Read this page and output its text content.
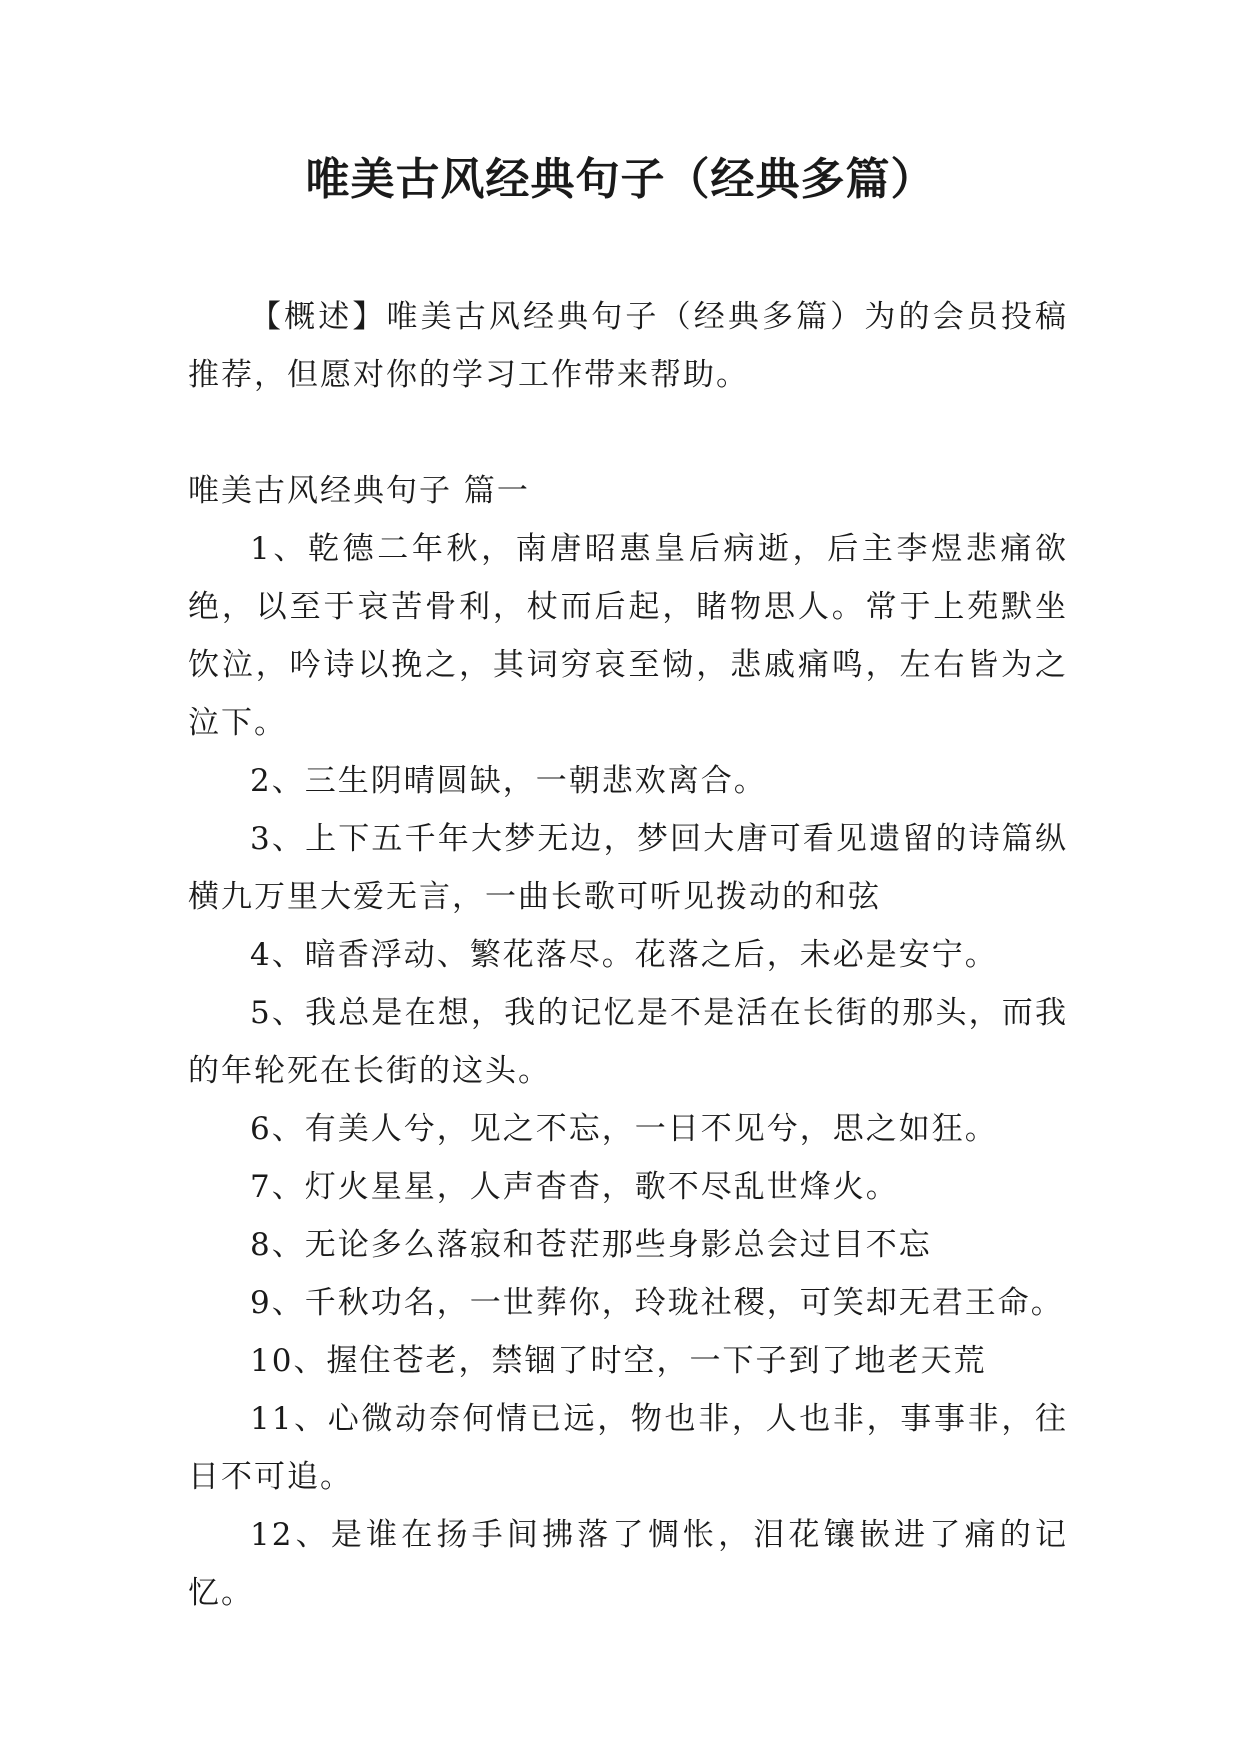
唯美古风经典句子（经典多篇）

【概述】唯美古风经典句子（经典多篇）为的会员投稿推荐，但愿对你的学习工作带来帮助。

唯美古风经典句子 篇一

1、乾德二年秋，南唐昭惠皇后病逝，后主李煜悲痛欲绝，以至于哀苦骨利，杖而后起，睹物思人。常于上苑默坐饮泣，吟诗以挽之，其词穷哀至恸，悲戚痛鸣，左右皆为之泣下。

2、三生阴晴圆缺，一朝悲欢离合。

3、上下五千年大梦无边，梦回大唐可看见遗留的诗篇纵横九万里大爱无言，一曲长歌可听见拨动的和弦

4、暗香浮动、繁花落尽。花落之后，未必是安宁。

5、我总是在想，我的记忆是不是活在长街的那头，而我的年轮死在长街的这头。

6、有美人兮，见之不忘，一日不见兮，思之如狂。

7、灯火星星，人声杳杳，歌不尽乱世烽火。

8、无论多么落寂和苍茫那些身影总会过目不忘

9、千秋功名，一世葬你，玲珑社稷，可笑却无君王命。

10、握住苍老，禁锢了时空，一下子到了地老天荒

11、心微动奈何情已远，物也非，人也非，事事非，往日不可追。

12、是谁在扬手间拂落了惆怅，泪花镶嵌进了痛的记忆。
